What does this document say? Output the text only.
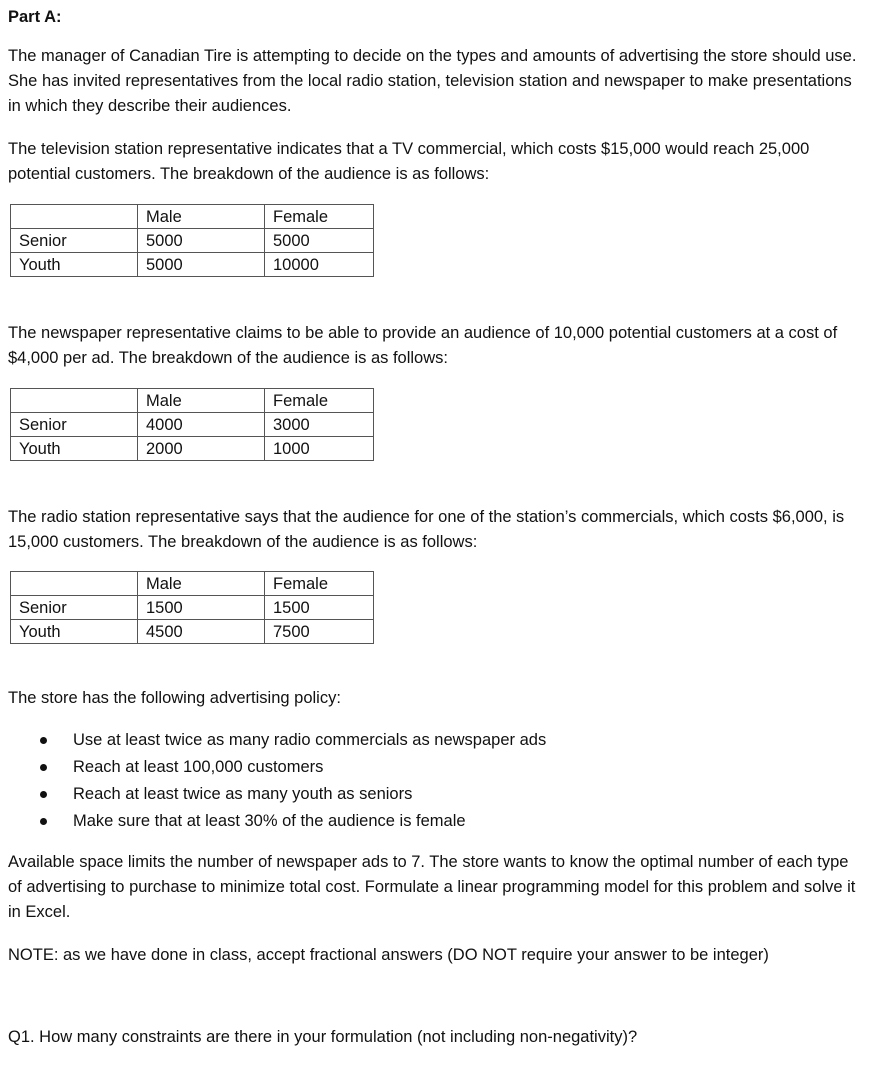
Part A:

The manager of Canadian Tire is attempting to decide on the types and amounts of advertising the store should use. She has invited representatives from the local radio station, television station and newspaper to make presentations in which they describe their audiences.

The television station representative indicates that a TV commercial, which costs $15,000 would reach 25,000 potential customers. The breakdown of the audience is as follows:

	Male	Female
Senior	5000	5000
Youth	5000	10000

The newspaper representative claims to be able to provide an audience of 10,000 potential customers at a cost of $4,000 per ad. The breakdown of the audience is as follows:

	Male	Female
Senior	4000	3000
Youth	2000	1000

The radio station representative says that the audience for one of the station’s commercials, which costs $6,000, is 15,000 customers. The breakdown of the audience is as follows:

	Male	Female
Senior	1500	1500
Youth	4500	7500

The store has the following advertising policy:

Use at least twice as many radio commercials as newspaper ads
Reach at least 100,000 customers
Reach at least twice as many youth as seniors
Make sure that at least 30% of the audience is female

Available space limits the number of newspaper ads to 7. The store wants to know the optimal number of each type of advertising to purchase to minimize total cost. Formulate a linear programming model for this problem and solve it in Excel.

NOTE: as we have done in class, accept fractional answers (DO NOT require your answer to be integer)

Q1. How many constraints are there in your formulation (not including non-negativity)?
